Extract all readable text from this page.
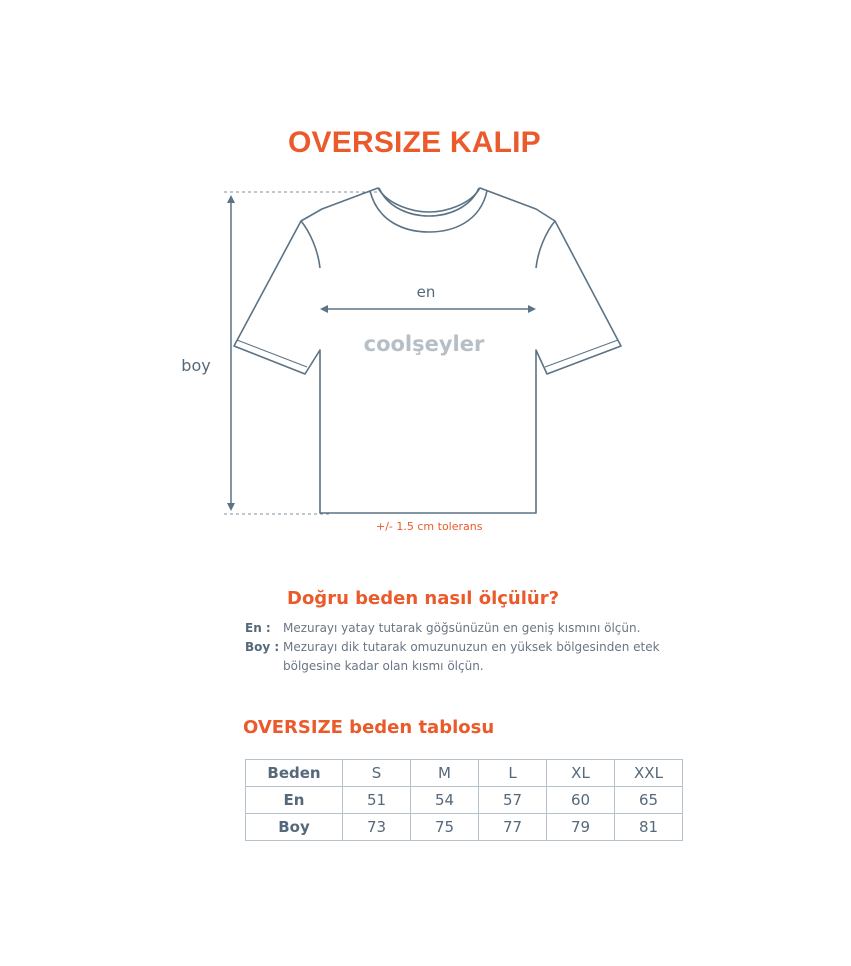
OVERSIZE KALIP
en
boy
coolşeyler
+/- 1.5 cm tolerans
Doğru beden nasıl ölçülür?
En : Mezurayı yatay tutarak göğsünüzün en geniş kısmını ölçün.
Boy : Mezurayı dik tutarak omuzunuzun en yüksek bölgesinden etek bölgesine kadar olan kısmı ölçün.
OVERSIZE beden tablosu
Beden	S	M	L	XL	XXL
En	51	54	57	60	65
Boy	73	75	77	79	81
